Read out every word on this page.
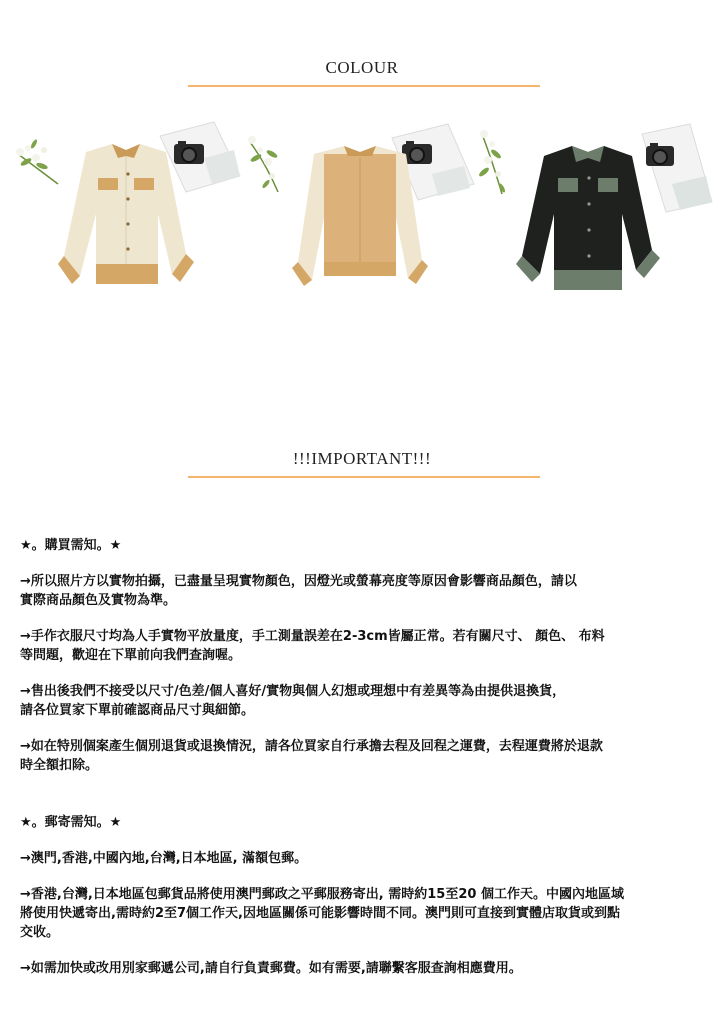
COLOUR
!!!IMPORTANT!!!

★。購買需知。★

→所以照片方以實物拍攝，已盡量呈現實物顏色，因燈光或螢幕亮度等原因會影響商品顏色，請以

實際商品顏色及實物為準。

→手作衣服尺寸均為人手實物平放量度，手工測量誤差在2-3cm皆屬正常。若有關尺寸、 顏色、 布料

等問題，歡迎在下單前向我們查詢喔。

→售出後我們不接受以尺寸/色差/個人喜好/實物與個人幻想或理想中有差異等為由提供退換貨，

請各位買家下單前確認商品尺寸與細節。

→如在特別個案產生個別退貨或退換情況，請各位買家自行承擔去程及回程之運費，去程運費將於退款

時全額扣除。

★。郵寄需知。★

→澳門,香港,中國內地,台灣,日本地區, 滿額包郵。

→香港,台灣,日本地區包郵貨品將使用澳門郵政之平郵服務寄出, 需時約15至20 個工作天。中國內地區域

將使用快遞寄出,需時約2至7個工作天,因地區關係可能影響時間不同。澳門則可直接到實體店取貨或到點

交收。

→如需加快或改用別家郵遞公司,請自行負責郵費。如有需要,請聯繫客服查詢相應費用。
